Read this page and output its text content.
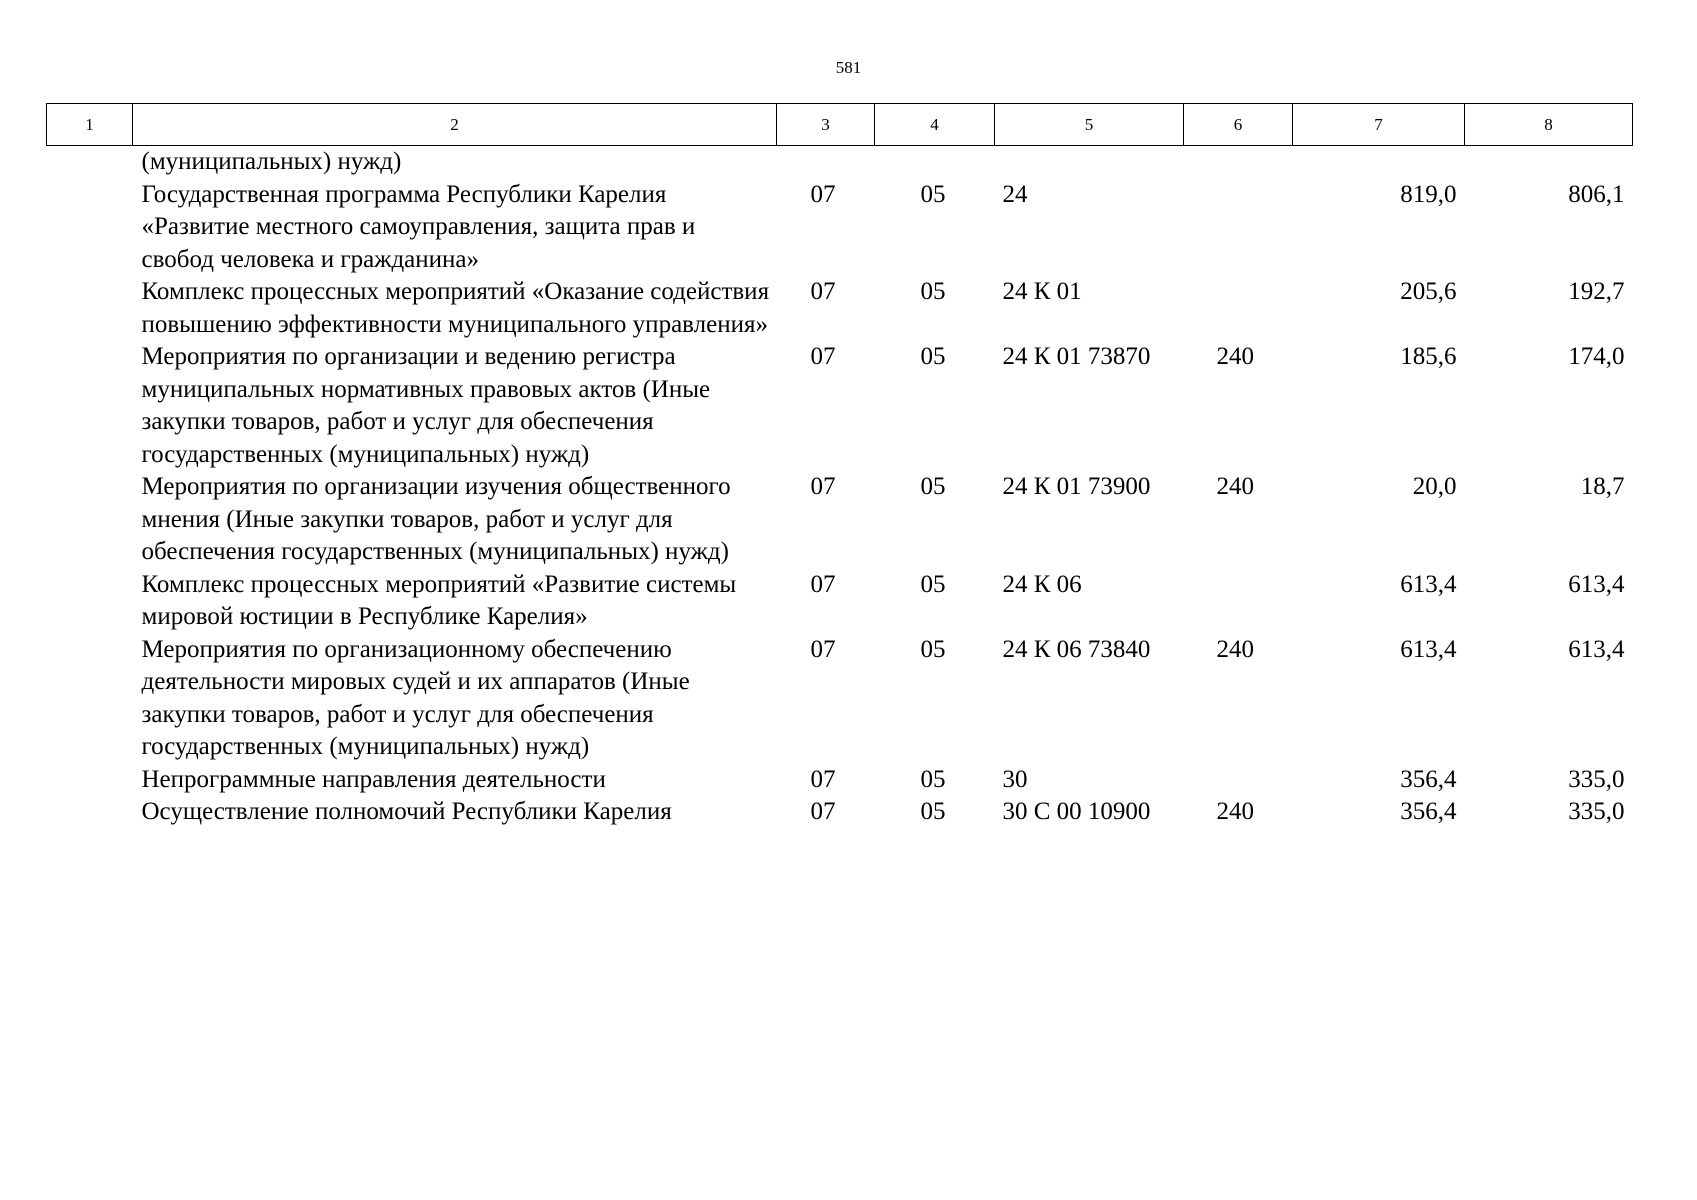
581
1	2	3	4	5	6	7	8
	(муниципальных) нужд)						
	Государственная программа Республики Карелия «Развитие местного самоуправления, защита прав и свобод человека и гражданина»	07	05	24		819,0	806,1
	Комплекс процессных мероприятий «Оказание содействия повышению эффективности муниципального управления»	07	05	24 К 01		205,6	192,7
	Мероприятия по организации и ведению регистра муниципальных нормативных правовых актов (Иные закупки товаров, работ и услуг для обеспечения государственных (муниципальных) нужд)	07	05	24 К 01 73870	240	185,6	174,0
	Мероприятия по организации изучения общественного мнения (Иные закупки товаров, работ и услуг для обеспечения государственных (муниципальных) нужд)	07	05	24 К 01 73900	240	20,0	18,7
	Комплекс процессных мероприятий «Развитие системы мировой юстиции в Республике Карелия»	07	05	24 К 06		613,4	613,4
	Мероприятия по организационному обеспечению деятельности мировых судей и их аппаратов (Иные закупки товаров, работ и услуг для обеспечения государственных (муниципальных) нужд)	07	05	24 К 06 73840	240	613,4	613,4
	Непрограммные направления деятельности	07	05	30		356,4	335,0
	Осуществление полномочий Республики Карелия	07	05	30 С 00 10900	240	356,4	335,0
